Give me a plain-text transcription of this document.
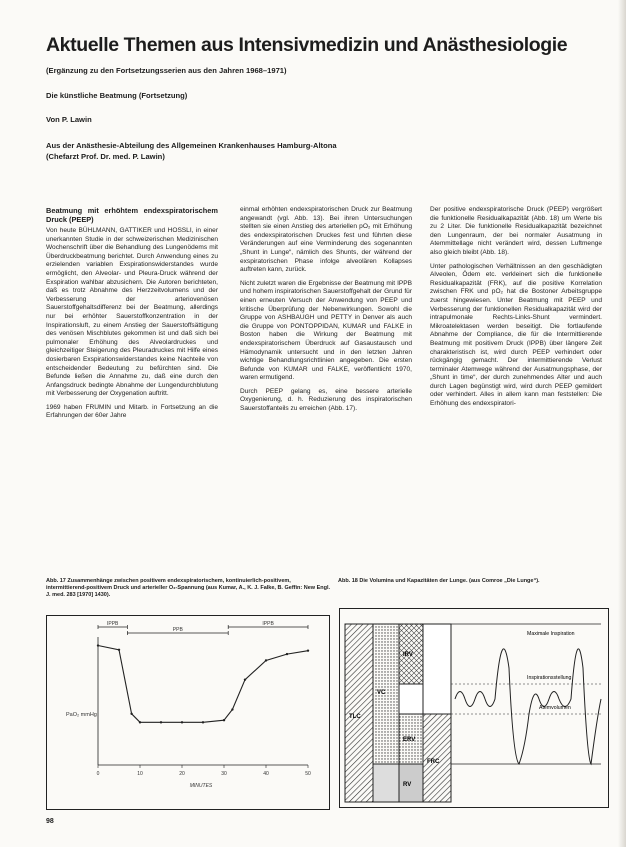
Aktuelle Themen aus Intensivmedizin und Anästhesiologie
(Ergänzung zu den Fortsetzungsserien aus den Jahren 1968–1971)
Die künstliche Beatmung (Fortsetzung)
Von P. Lawin
Aus der Anästhesie-Abteilung des Allgemeinen Krankenhauses Hamburg-Altona
(Chefarzt Prof. Dr. med. P. Lawin)
Beatmung mit erhöhtem endexspiratorischem Druck (PEEP)

Von heute BÜHLMANN, GATTIKER und HOSSLI, in einer unerkannten Studie in der schweizerischen Medizinischen Wochenschrift über die Behandlung des Lungenödems mit Überdruckbeatmung berichtet. Durch Anwendung eines zu erzielenden variablen Exspirationswiderstandes wurde ermöglicht, den Alveolar- und Pleura-Druck während der Exspiration wahlbar abzusichern. Die Autoren berichteten, daß es trotz Abnahme des Herzzeitvolumens und der Verbesserung der arteriovenösen Sauerstoffgehaltsdifferenz bei der Beatmung, allerdings nur bei erhöhter Sauerstoffkonzentration in der Inspirationsluft, zu einem Anstieg der Sauerstoffsättigung des venösen Mischblutes gekommen ist und daß sich bei pulmonaler Erhöhung des Alveolardruckes und gleichzeitiger Steigerung des Pleuradruckes mit Hilfe eines dosierbaren Exspirationswiderstandes keine Nachteile von entscheidender Bedeutung zu befürchten sind. Die Befunde ließen die Annahme zu, daß eine durch den Anfangsdruck bedingte Abnahme der Lungendurchblutung mit Verbesserung der Oxygenation auftritt.

1969 haben FRUMIN und Mitarb. in Fortsetzung an die Erfahrungen der 60er Jahre

einmal erhöhten endexspiratorischen Druck zur Beatmung angewandt (vgl. Abb. 13). Bei ihren Untersuchungen stellten sie einen Anstieg des arteriellen pO₂ mit Erhöhung des endexspiratorischen Druckes fest und führten diese Veränderungen auf eine Verminderung des sogenannten „Shunt in Lunge“, nämlich des Shunts, der während der exspiratorischen Phase infolge alveolären Kollapses auftreten kann, zurück.

Nicht zuletzt waren die Ergebnisse der Beatmung mit IPPB und hohem inspiratorischen Sauerstoffgehalt der Grund für einen erneuten Versuch der Anwendung von PEEP und kritische Überprüfung der Nebenwirkungen. Sowohl die Gruppe von ASHBAUGH und PETTY in Denver als auch die Gruppe von PONTOPPIDAN, KUMAR und FALKE in Boston haben die Wirkung der Beatmung mit endexspiratorischem Überdruck auf Gasaustausch und Hämodynamik untersucht und in den letzten Jahren wichtige Behandlungsrichtlinien angegeben. Die ersten Befunde von KUMAR und FALKE, veröffentlicht 1970, waren ermutigend.

Durch PEEP gelang es, eine bessere arterielle Oxygenierung, d. h. Reduzierung des inspiratorischen Sauerstoffanteils zu erreichen (Abb. 17).

Der positive endexspiratorische Druck (PEEP) vergrößert die funktionelle Residualkapazität (Abb. 18) um Werte bis zu 2 Liter. Die funktionelle Residualkapazität bezeichnet den Lungenraum, der bei normaler Ausatmung in Atemmittellage nicht verändert wird, dessen Luftmenge also gleich bleibt (Abb. 18).

Unter pathologischen Verhältnissen an den geschädigten Alveolen, Ödem etc. verkleinert sich die funktionelle Residualkapazität (FRK), auf die positive Korrelation zwischen FRK und pO₂ hat die Bostoner Arbeitsgruppe zuerst hingewiesen. Unter Beatmung mit PEEP und Verbesserung der funktionellen Residualkapazität wird der intrapulmonale Rechts-Links-Shunt vermindert. Mikroatelektasen werden beseitigt. Die fortlaufende Abnahme der Compliance, die für die Intermittierende Beatmung mit positivem Druck (IPPB) über längere Zeit charakteristisch ist, wird durch PEEP verhindert oder rückgängig gemacht. Der intermittierende Verlust terminaler Atemwege während der Ausatmungsphase, der „Shunt in time“, der durch zunehmendes Alter und auch durch Lagen begünstigt wird, wird durch PEEP gemildert oder verhindert. Alles in allem kann man feststellen: Die Erhöhung des endexspiratori-

Abb. 17 Zusammenhänge zwischen positivem endexspiratorischem, kontinuierlich-positivem, intermittierend-positivem Druck und arterieller O₂-Spannung (aus Kumar, A., K. J. Falke, B. Geffin: New Engl. J. med. 283 [1970] 1430).
Abb. 18 Die Volumina und Kapazitäten der Lunge. (aus Comroe „Die Lunge“).
IPPB
PPB
IPPB
0	10	20	30	40	50
PaO₂ mmHg
MINUTES
TLC
VC
IRV
ERV
RV
FRC
Maximale Inspiration
Inspirationsstellung
Atemvolumen
98
